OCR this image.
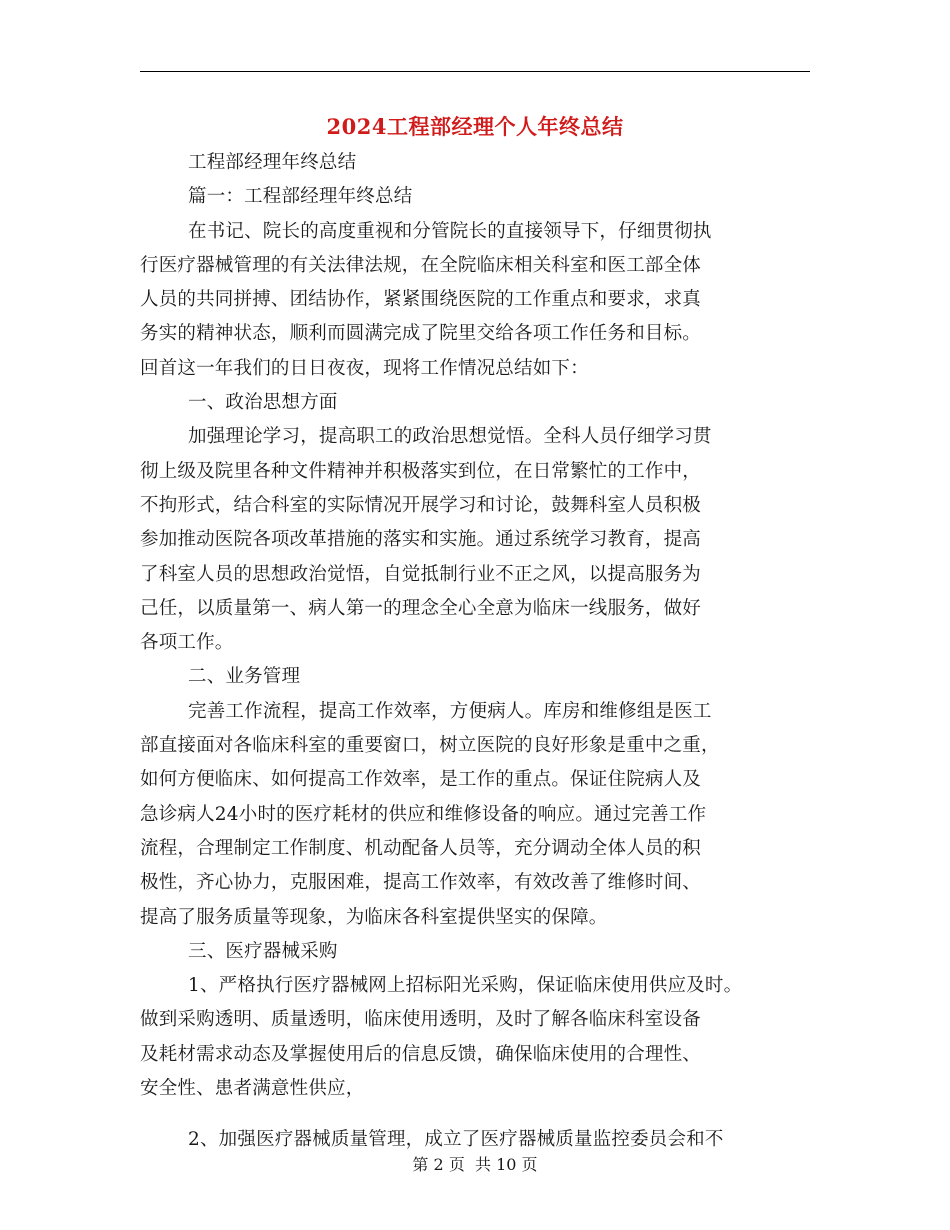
2024工程部经理个人年终总结
工程部经理年终总结
篇一：工程部经理年终总结
在书记、院长的高度重视和分管院长的直接领导下，仔细贯彻执
行医疗器械管理的有关法律法规，在全院临床相关科室和医工部全体
人员的共同拼搏、团结协作，紧紧围绕医院的工作重点和要求，求真
务实的精神状态，顺利而圆满完成了院里交给各项工作任务和目标。
回首这一年我们的日日夜夜，现将工作情况总结如下：
一、政治思想方面
加强理论学习，提高职工的政治思想觉悟。全科人员仔细学习贯
彻上级及院里各种文件精神并积极落实到位，在日常繁忙的工作中，
不拘形式，结合科室的实际情况开展学习和讨论，鼓舞科室人员积极
参加推动医院各项改革措施的落实和实施。通过系统学习教育，提高
了科室人员的思想政治觉悟，自觉抵制行业不正之风，以提高服务为
己任，以质量第一、病人第一的理念全心全意为临床一线服务，做好
各项工作。
二、业务管理
完善工作流程，提高工作效率，方便病人。库房和维修组是医工
部直接面对各临床科室的重要窗口，树立医院的良好形象是重中之重，
如何方便临床、如何提高工作效率，是工作的重点。保证住院病人及
急诊病人24小时的医疗耗材的供应和维修设备的响应。通过完善工作
流程，合理制定工作制度、机动配备人员等，充分调动全体人员的积
极性，齐心协力，克服困难，提高工作效率，有效改善了维修时间、
提高了服务质量等现象，为临床各科室提供坚实的保障。
三、医疗器械采购
1、严格执行医疗器械网上招标阳光采购，保证临床使用供应及时。
做到采购透明、质量透明，临床使用透明，及时了解各临床科室设备
及耗材需求动态及掌握使用后的信息反馈，确保临床使用的合理性、
安全性、患者满意性供应，
2、加强医疗器械质量管理，成立了医疗器械质量监控委员会和不
第 2 页  共 10 页
